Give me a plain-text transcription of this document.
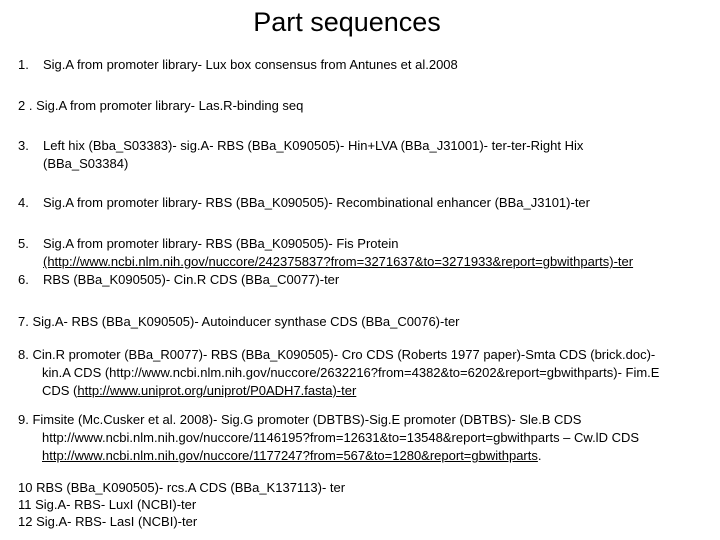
Part sequences
1. Sig.A from promoter library- Lux box consensus from Antunes et al.2008
2 . Sig.A from promoter library- Las.R-binding seq
3. Left hix (Bba_S03383)- sig.A- RBS (BBa_K090505)- Hin+LVA (BBa_J31001)- ter-ter-Right Hix
(BBa_S03384)
4. Sig.A from promoter library- RBS (BBa_K090505)- Recombinational enhancer (BBa_J3101)-ter
5. Sig.A from promoter library- RBS (BBa_K090505)- Fis Protein
(http://www.ncbi.nlm.nih.gov/nuccore/242375837?from=3271637&to=3271933&report=gbwithparts)-ter
6. RBS (BBa_K090505)- Cin.R CDS (BBa_C0077)-ter
7. Sig.A- RBS (BBa_K090505)- Autoinducer synthase CDS (BBa_C0076)-ter
8. Cin.R promoter (BBa_R0077)- RBS (BBa_K090505)- Cro CDS (Roberts 1977 paper)-Smta CDS (brick.doc)-
kin.A CDS (http://www.ncbi.nlm.nih.gov/nuccore/2632216?from=4382&to=6202&report=gbwithparts)- Fim.E
CDS (http://www.uniprot.org/uniprot/P0ADH7.fasta)-ter
9. Fimsite (Mc.Cusker et al. 2008)- Sig.G promoter (DBTBS)-Sig.E promoter (DBTBS)- Sle.B CDS
http://www.ncbi.nlm.nih.gov/nuccore/1146195?from=12631&to=13548&report=gbwithparts – Cw.lD CDS
http://www.ncbi.nlm.nih.gov/nuccore/1177247?from=567&to=1280&report=gbwithparts.
10 RBS (BBa_K090505)- rcs.A CDS (BBa_K137113)- ter
11 Sig.A- RBS- LuxI (NCBI)-ter
12 Sig.A- RBS- LasI (NCBI)-ter
